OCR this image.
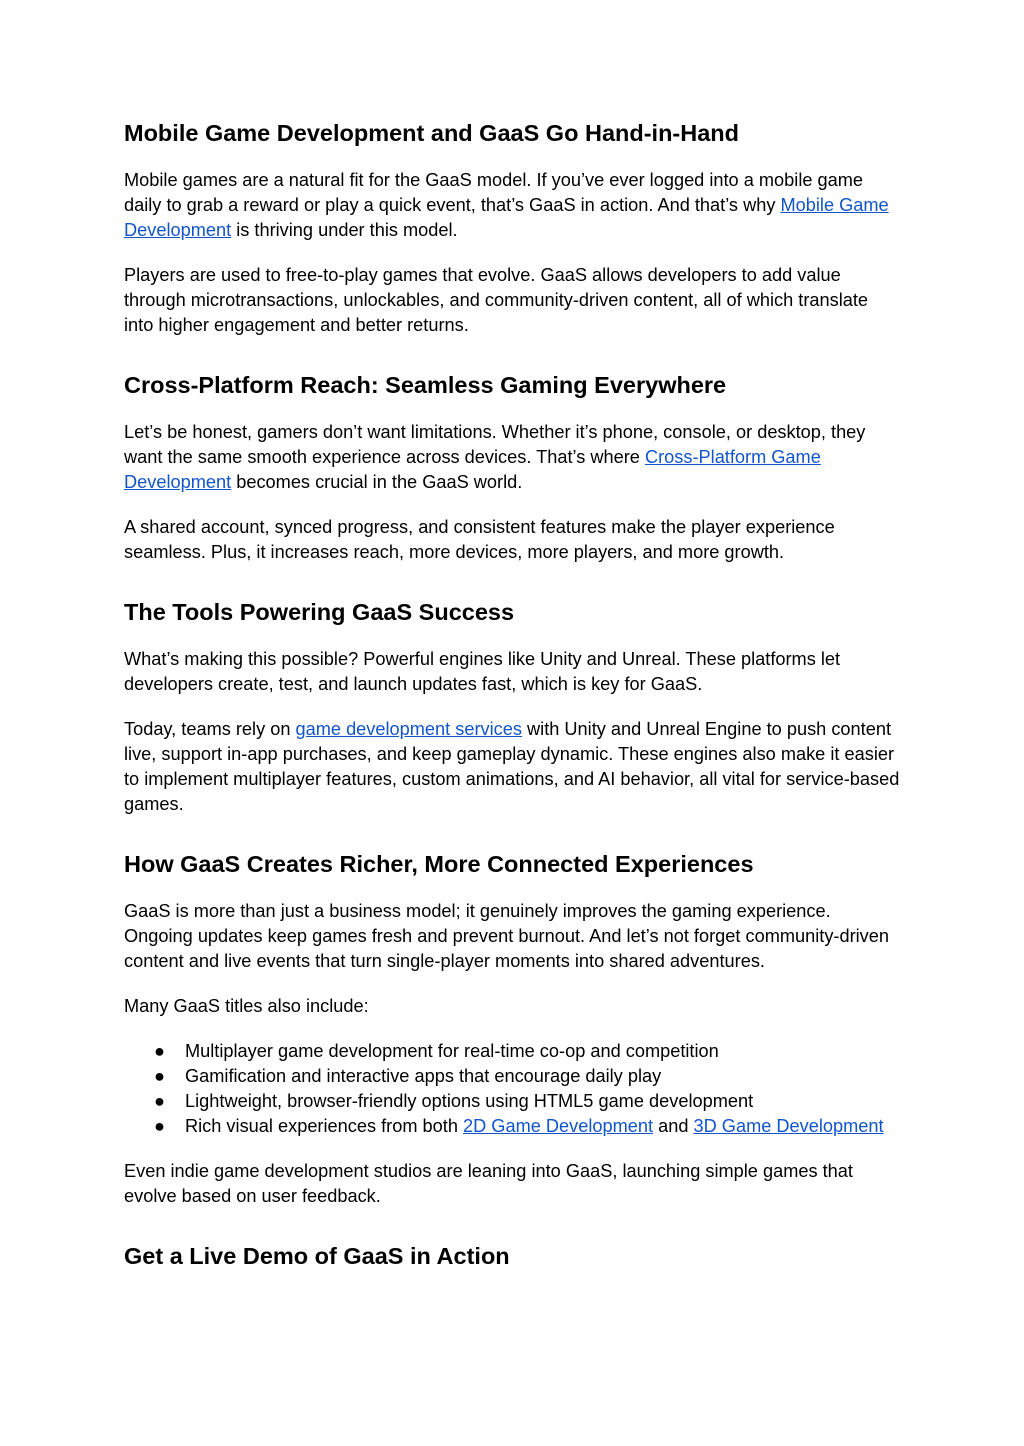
Mobile Game Development and GaaS Go Hand-in-Hand

Mobile games are a natural fit for the GaaS model. If you’ve ever logged into a mobile game daily to grab a reward or play a quick event, that’s GaaS in action. And that’s why Mobile Game Development is thriving under this model.

Players are used to free-to-play games that evolve. GaaS allows developers to add value through microtransactions, unlockables, and community-driven content, all of which translate into higher engagement and better returns.

Cross-Platform Reach: Seamless Gaming Everywhere

Let’s be honest, gamers don’t want limitations. Whether it’s phone, console, or desktop, they want the same smooth experience across devices. That’s where Cross-Platform Game Development becomes crucial in the GaaS world.

A shared account, synced progress, and consistent features make the player experience seamless. Plus, it increases reach, more devices, more players, and more growth.

The Tools Powering GaaS Success

What’s making this possible? Powerful engines like Unity and Unreal. These platforms let developers create, test, and launch updates fast, which is key for GaaS.

Today, teams rely on game development services with Unity and Unreal Engine to push content live, support in-app purchases, and keep gameplay dynamic. These engines also make it easier to implement multiplayer features, custom animations, and AI behavior, all vital for service-based games.

How GaaS Creates Richer, More Connected Experiences

GaaS is more than just a business model; it genuinely improves the gaming experience. Ongoing updates keep games fresh and prevent burnout. And let’s not forget community-driven content and live events that turn single-player moments into shared adventures.

Many GaaS titles also include:

● Multiplayer game development for real-time co-op and competition
● Gamification and interactive apps that encourage daily play
● Lightweight, browser-friendly options using HTML5 game development
● Rich visual experiences from both 2D Game Development and 3D Game Development

Even indie game development studios are leaning into GaaS, launching simple games that evolve based on user feedback.

Get a Live Demo of GaaS in Action
